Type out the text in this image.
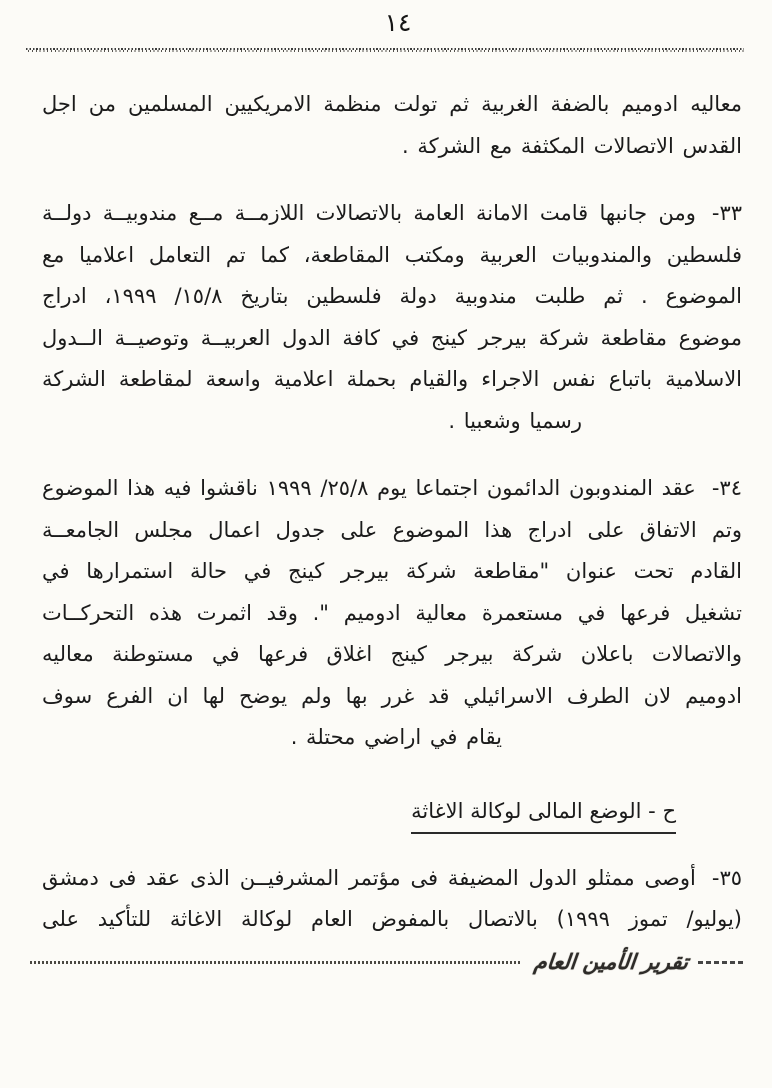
١٤
معاليه ادوميم بالضفة الغربية ثم تولت منظمة الامريكيين المسلمين من اجل
القدس الاتصالات المكثفة مع الشركة .
٣٣-ومن جانبها قامت الامانة العامة بالاتصالات اللازمــة مــع مندوبيــة دولــة
فلسطين والمندوبيات العربية ومكتب المقاطعة، كما تم التعامل اعلاميا مع
الموضوع . ثم طلبت مندوبية دولة فلسطين بتاريخ ١٥/٨/ ١٩٩٩، ادراج
موضوع مقاطعة شركة بيرجر كينج في كافة الدول العربيــة وتوصيــة الــدول
الاسلامية باتباع نفس الاجراء والقيام بحملة اعلامية واسعة لمقاطعة الشركة
رسميا وشعبيا .
٣٤-عقد المندوبون الدائمون اجتماعا يوم ٢٥/٨/ ١٩٩٩ ناقشوا فيه هذا الموضوع
وتم الاتفاق على ادراج هذا الموضوع على جدول اعمال مجلس الجامعــة
القادم تحت عنوان "مقاطعة شركة بيرجر كينج في حالة استمرارها في
تشغيل فرعها في مستعمرة معالية ادوميم ". وقد اثمرت هذه التحركــات
والاتصالات باعلان شركة بيرجر كينج اغلاق فرعها في مستوطنة معاليه
ادوميم لان الطرف الاسرائيلي قد غرر بها ولم يوضح لها ان الفرع سوف
يقام في اراضي محتلة .
ح - الوضع المالى لوكالة الاغاثة
٣٥-أوصى ممثلو الدول المضيفة فى مؤتمر المشرفيــن الذى عقد فى دمشق
(يوليو/ تموز ١٩٩٩) بالاتصال بالمفوض العام لوكالة الاغاثة للتأكيد على
تقرير الأمين العام
